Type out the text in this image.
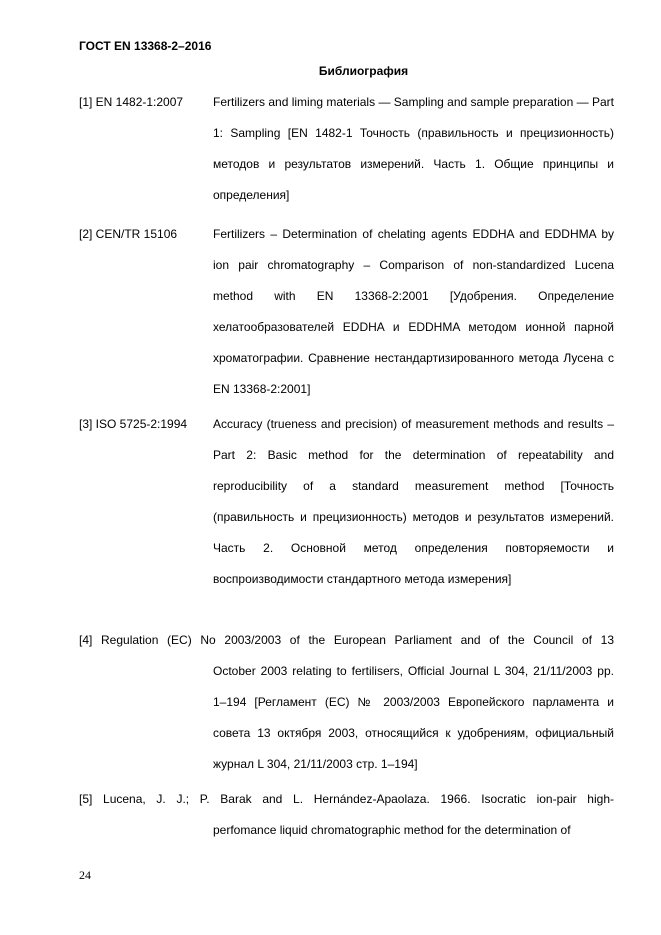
ГОСТ EN 13368-2–2016
Библиография
[1] EN 1482-1:2007 Fertilizers and liming materials — Sampling and sample preparation — Part 1: Sampling [EN 1482-1 Точность (правильность и прецизионность) методов и результатов измерений. Часть 1. Общие принципы и определения]
[2] CEN/TR 15106	Fertilizers – Determination of chelating agents EDDHA and EDDHMA by ion pair chromatography – Comparison of non-standardized Lucena method with EN 13368-2:2001 [Удобрения. Определение хелатообразователей EDDHA и EDDHMA методом ионной парной хроматографии. Сравнение нестандартизированного метода Лусена с EN 13368-2:2001]
[3] ISO 5725-2:1994 Accuracy (trueness and precision) of measurement methods and results – Part 2: Basic method for the determination of repeatability and reproducibility of a standard measurement method [Точность (правильность и прецизионность) методов и результатов измерений. Часть 2. Основной метод определения повторяемости и воспроизводимости стандартного метода измерения]
[4] Regulation (EC) No 2003/2003 of the European Parliament and of the Council of 13
October 2003 relating to fertilisers, Official Journal L 304, 21/11/2003 pp. 1–194 [Регламент (ЕС) № 2003/2003 Европейского парламента и совета 13 октября 2003, относящийся к удобрениям, официальный журнал L 304, 21/11/2003 стр. 1–194]
[5] Lucena, J. J.; P. Barak and L. Hernández-Apaolaza. 1966. Isocratic ion-pair high-
perfomance liquid chromatographic method for the determination of
24
